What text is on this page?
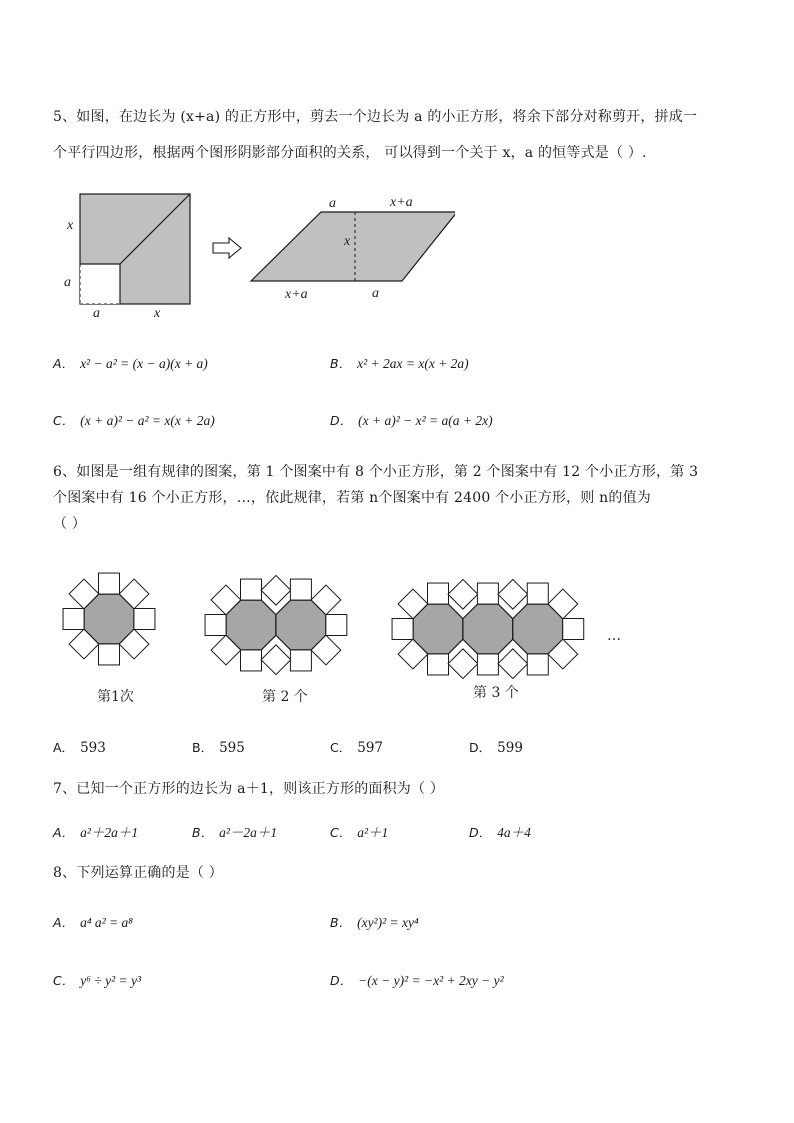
5、如图，在边长为 (x+a) 的正方形中，剪去一个边长为 a 的小正方形，将余下部分对称剪开，拼成一
个平行四边形，根据两个图形阴影部分面积的关系， 可以得到一个关于 x，a 的恒等式是（ ）.
x
a
a	x
a	x+a
x
x+a	a
A． x² − a² = (x − a)(x + a)	B． x² + 2ax = x(x + 2a)
C． (x + a)² − a² = x(x + 2a)	D． (x + a)² − x² = a(a + 2x)
6、如图是一组有规律的图案，第 1 个图案中有 8 个小正方形，第 2 个图案中有 12 个小正方形，第 3
个图案中有 16 个小正方形，…，依此规律，若第 n个图案中有 2400 个小正方形，则 n的值为
（ ）
第1次	第 2 个	第 3 个
…
A． 593	B． 595	C． 597	D． 599
7、已知一个正方形的边长为 a＋1，则该正方形的面积为（ ）
A． a²＋2a＋1	B． a²－2a＋1	C． a²＋1	D． 4a＋4
8、下列运算正确的是（ ）
A． a⁴ a² = a⁸	B． (xy²)² = xy⁴
C． y⁶ ÷ y² = y³	D． −(x − y)² = −x² + 2xy − y²
